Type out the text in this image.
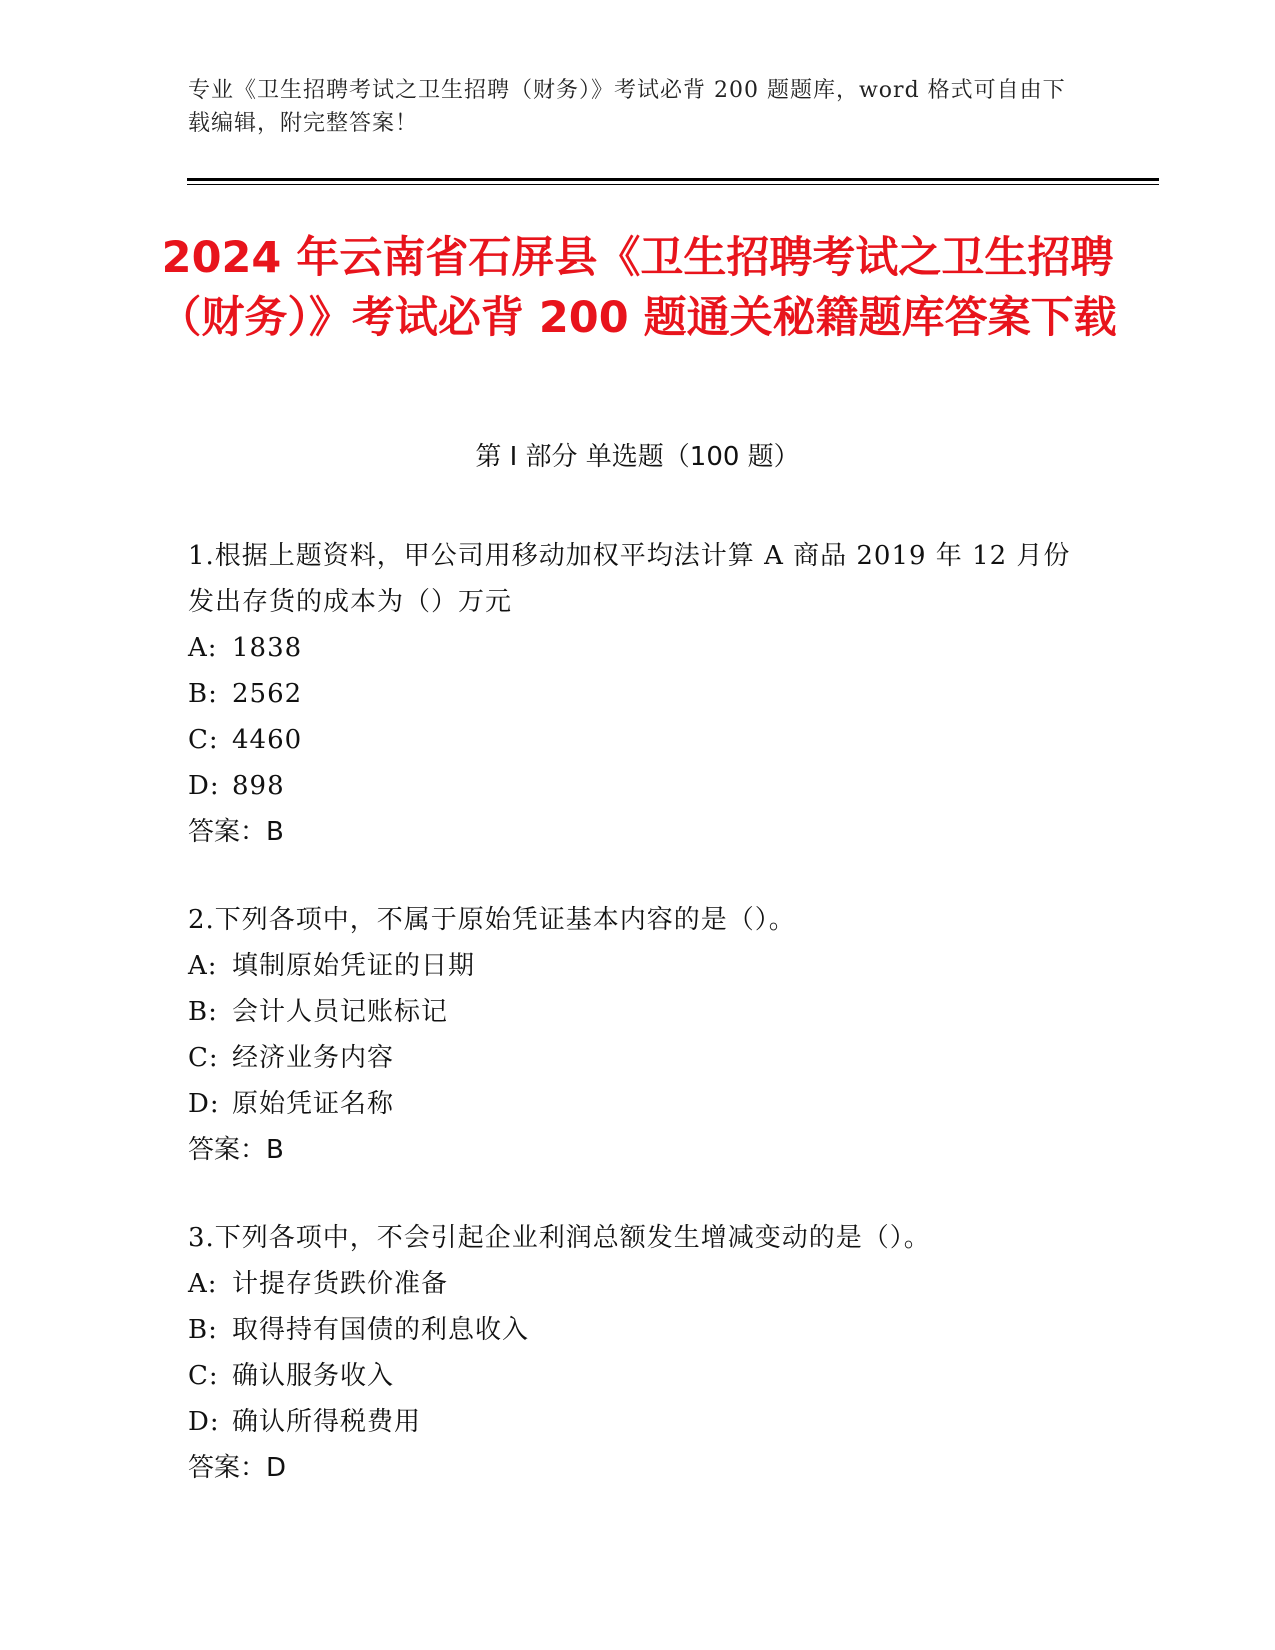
专业《卫生招聘考试之卫生招聘（财务）》考试必背 200 题题库，word 格式可自由下载编辑，附完整答案！
2024 年云南省石屏县《卫生招聘考试之卫生招聘（财务）》考试必背 200 题通关秘籍题库答案下载
第 I 部分 单选题（100 题）

1.根据上题资料，甲公司用移动加权平均法计算 A 商品 2019 年 12 月份发出存货的成本为（）万元

A: 1838

B: 2562

C: 4460

D: 898

答案：B

2.下列各项中，不属于原始凭证基本内容的是（）。

A: 填制原始凭证的日期

B: 会计人员记账标记

C: 经济业务内容

D: 原始凭证名称

答案：B

3.下列各项中，不会引起企业利润总额发生增减变动的是（）。

A: 计提存货跌价准备

B: 取得持有国债的利息收入

C: 确认服务收入

D: 确认所得税费用

答案：D
